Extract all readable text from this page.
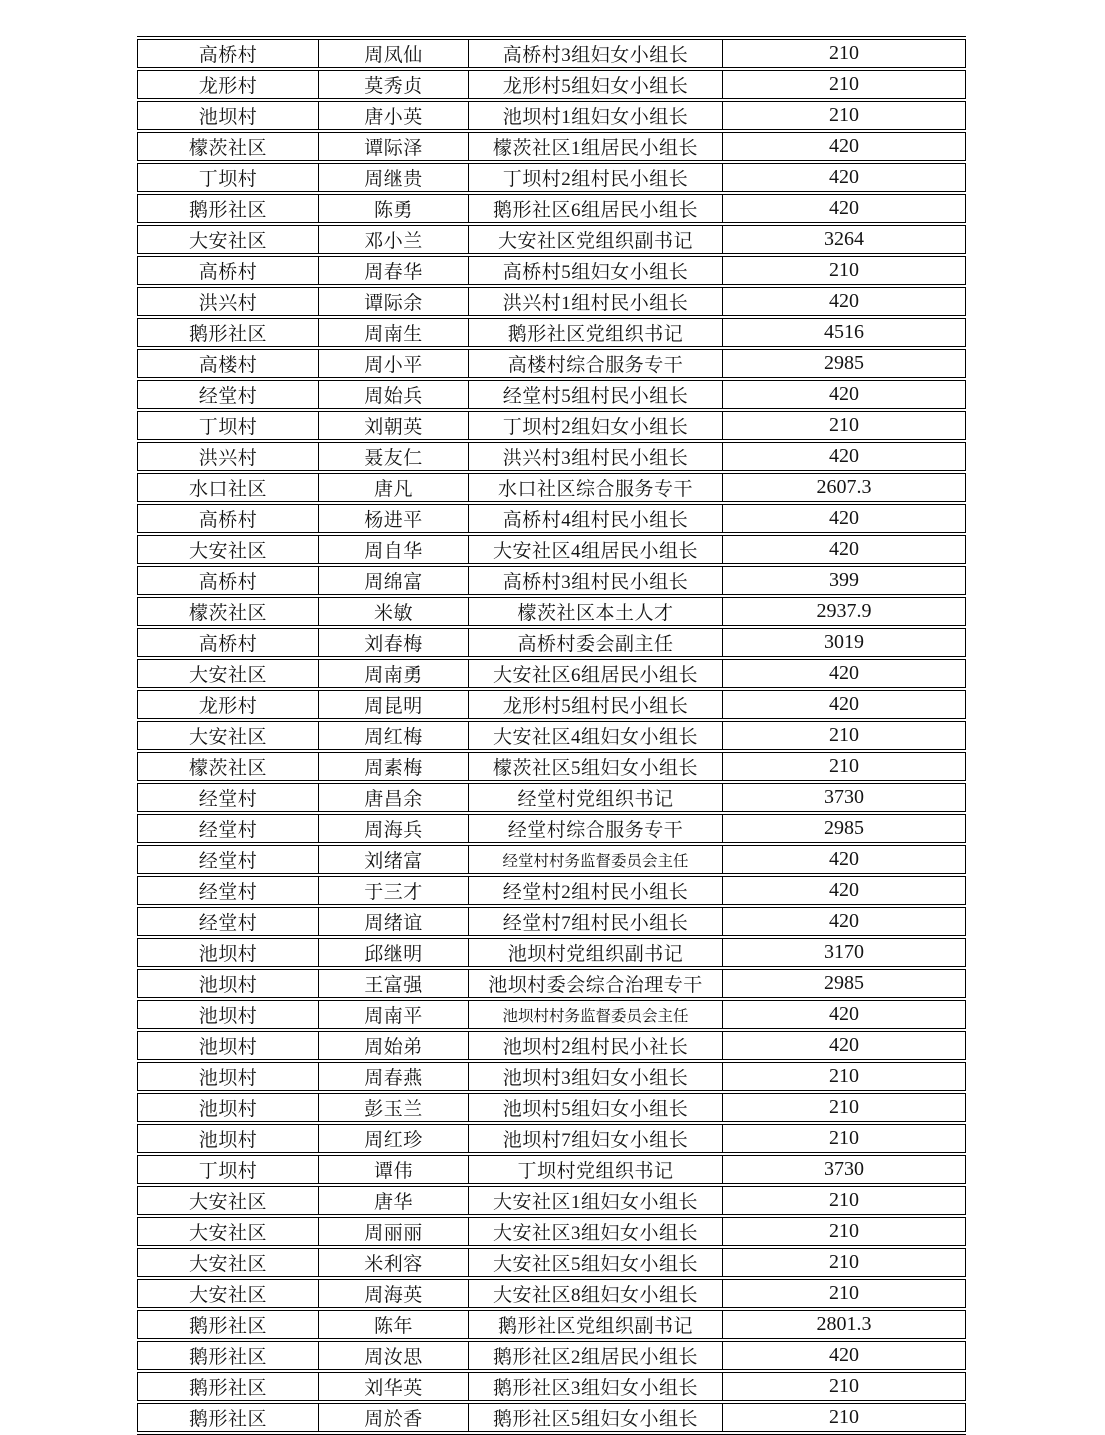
高桥村	周凤仙	高桥村3组妇女小组长	210
龙形村	莫秀贞	龙形村5组妇女小组长	210
池坝村	唐小英	池坝村1组妇女小组长	210
檬茨社区	谭际泽	檬茨社区1组居民小组长	420
丁坝村	周继贵	丁坝村2组村民小组长	420
鹅形社区	陈勇	鹅形社区6组居民小组长	420
大安社区	邓小兰	大安社区党组织副书记	3264
高桥村	周春华	高桥村5组妇女小组长	210
洪兴村	谭际余	洪兴村1组村民小组长	420
鹅形社区	周南生	鹅形社区党组织书记	4516
高楼村	周小平	高楼村综合服务专干	2985
经堂村	周始兵	经堂村5组村民小组长	420
丁坝村	刘朝英	丁坝村2组妇女小组长	210
洪兴村	聂友仁	洪兴村3组村民小组长	420
水口社区	唐凡	水口社区综合服务专干	2607.3
高桥村	杨进平	高桥村4组村民小组长	420
大安社区	周自华	大安社区4组居民小组长	420
高桥村	周绵富	高桥村3组村民小组长	399
檬茨社区	米敏	檬茨社区本土人才	2937.9
高桥村	刘春梅	高桥村委会副主任	3019
大安社区	周南勇	大安社区6组居民小组长	420
龙形村	周昆明	龙形村5组村民小组长	420
大安社区	周红梅	大安社区4组妇女小组长	210
檬茨社区	周素梅	檬茨社区5组妇女小组长	210
经堂村	唐昌余	经堂村党组织书记	3730
经堂村	周海兵	经堂村综合服务专干	2985
经堂村	刘绪富	经堂村村务监督委员会主任	420
经堂村	于三才	经堂村2组村民小组长	420
经堂村	周绪谊	经堂村7组村民小组长	420
池坝村	邱继明	池坝村党组织副书记	3170
池坝村	王富强	池坝村委会综合治理专干	2985
池坝村	周南平	池坝村村务监督委员会主任	420
池坝村	周始弟	池坝村2组村民小社长	420
池坝村	周春燕	池坝村3组妇女小组长	210
池坝村	彭玉兰	池坝村5组妇女小组长	210
池坝村	周红珍	池坝村7组妇女小组长	210
丁坝村	谭伟	丁坝村党组织书记	3730
大安社区	唐华	大安社区1组妇女小组长	210
大安社区	周丽丽	大安社区3组妇女小组长	210
大安社区	米利容	大安社区5组妇女小组长	210
大安社区	周海英	大安社区8组妇女小组长	210
鹅形社区	陈年	鹅形社区党组织副书记	2801.3
鹅形社区	周汝思	鹅形社区2组居民小组长	420
鹅形社区	刘华英	鹅形社区3组妇女小组长	210
鹅形社区	周於香	鹅形社区5组妇女小组长	210
